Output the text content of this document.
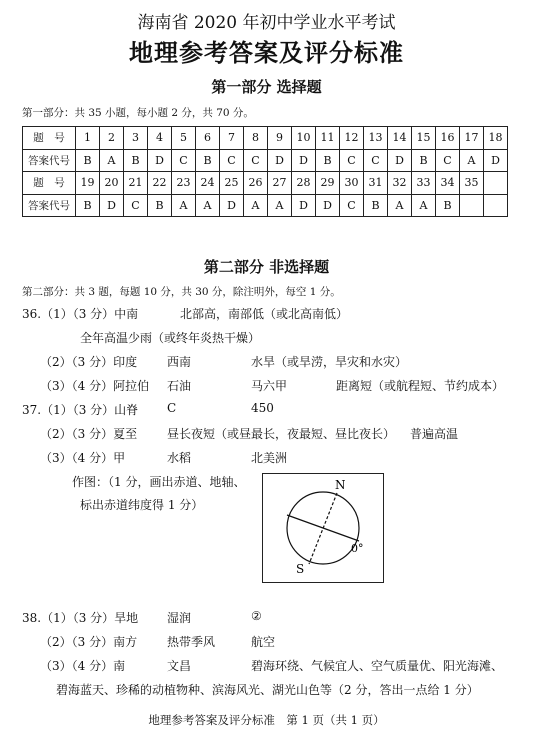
海南省 2020 年初中学业水平考试
地理参考答案及评分标准
第一部分 选择题
第一部分：共 35 小题，每小题 2 分，共 70 分。
题　号	1	2	3	4	5	6	7	8	9	10	11	12	13	14	15	16	17	18
答案代号	B	A	B	D	C	B	C	C	D	D	B	C	C	D	B	C	A	D
题　号	19	20	21	22	23	24	25	26	27	28	29	30	31	32	33	34	35	
答案代号	B	D	C	B	A	A	D	A	A	D	D	C	B	A	A	B		
第二部分 非选择题
第二部分：共 3 题，每题 10 分，共 30 分，除注明外，每空 1 分。
36.（1）（3 分）中南	北部高，南部低（或北高南低）
全年高温少雨（或终年炎热干燥）
（2）（3 分）印度 西南	水旱（或旱涝，旱灾和水灾）
（3）（4 分）阿拉伯 石油	马六甲	距离短（或航程短、节约成本）
37.（1）（3 分）山脊 C	450
（2）（3 分）夏至 昼长夜短（或昼最长，夜最短、昼比夜长） 普遍高温
（3）（4 分）甲	水稻	北美洲
作图：（1 分，画出赤道、地轴、
标出赤道纬度得 1 分）
38.（1）（3 分）旱地 湿润	②
（2）（3 分）南方 热带季风	航空
（3）（4 分）南	文昌	碧海环绕、气候宜人、空气质量优、阳光海滩、
碧海蓝天、珍稀的动植物种、滨海风光、湖光山色等（2 分，答出一点给 1 分）
N
S
0°
地理参考答案及评分标准　第 1 页（共 1 页）
